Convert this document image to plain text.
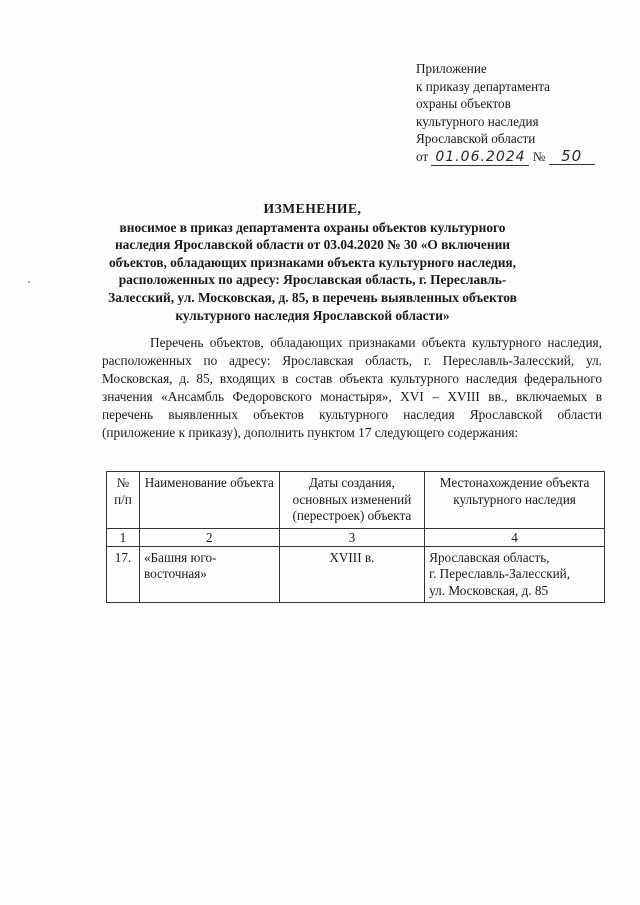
Приложение
к приказу департамента
охраны объектов
культурного наследия
Ярославской области
от 01.06.2024 № 50
ИЗМЕНЕНИЕ,
вносимое в приказ департамента охраны объектов культурного наследия Ярославской области от 03.04.2020 № 30 «О включении объектов, обладающих признаками объекта культурного наследия, расположенных по адресу: Ярославская область, г. Переславль-Залесский, ул. Московская, д. 85, в перечень выявленных объектов культурного наследия Ярославской области»
Перечень объектов, обладающих признаками объекта культурного наследия, расположенных по адресу: Ярославская область, г. Переславль-Залесский, ул. Московская, д. 85, входящих в состав объекта культурного наследия федерального значения «Ансамбль Федоровского монастыря», XVI – XVIII вв., включаемых в перечень выявленных объектов культурного наследия Ярославской области (приложение к приказу), дополнить пунктом 17 следующего содержания:
№ п/п	Наименование объекта	Даты создания, основных изменений (перестроек) объекта	Местонахождение объекта культурного наследия
1	2	3	4
17.	«Башня юго-восточная»	XVIII в.	Ярославская область,
г. Переславль-Залесский,
ул. Московская, д. 85
